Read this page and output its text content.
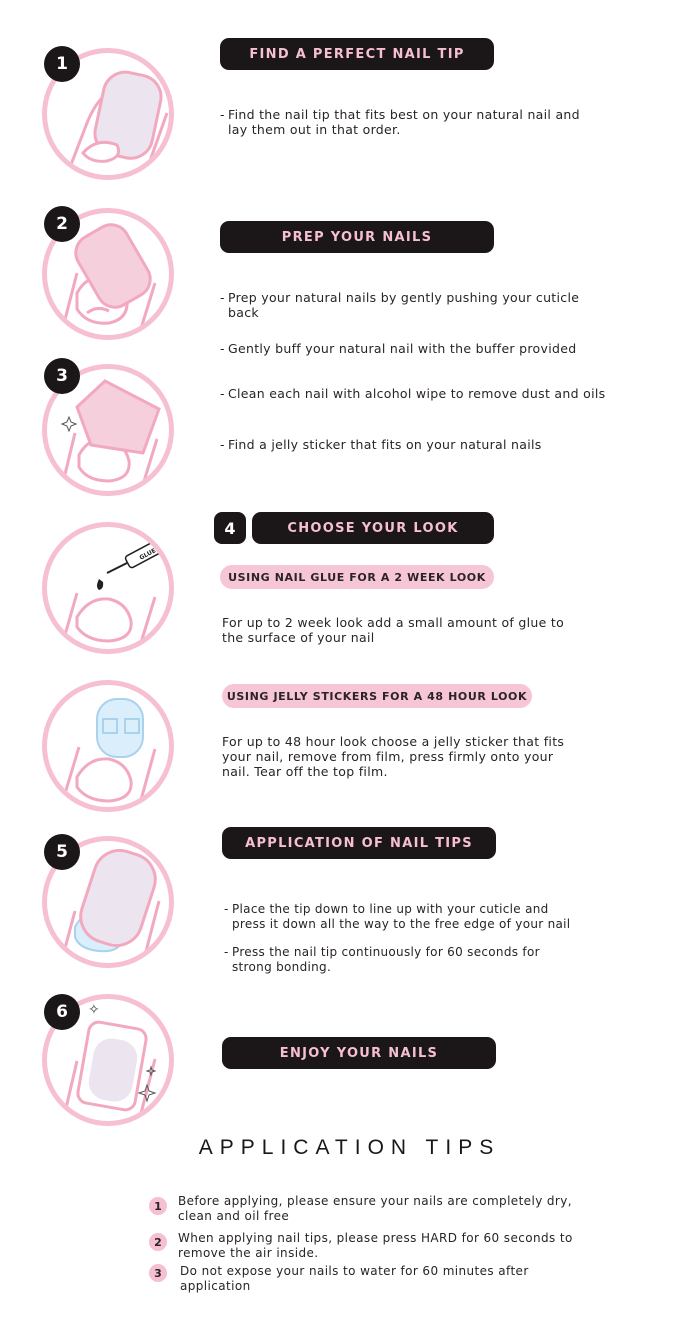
GLUE
✧
1
2
3
4
5
6
FIND A PERFECT NAIL TIP
- Find the nail tip that fits best on your natural nail and lay them out in that order.
PREP YOUR NAILS
- Prep your natural nails by gently pushing your cuticle back
- Gently buff your natural nail with the buffer provided
- Clean each nail with alcohol wipe to remove dust and oils
- Find a jelly sticker that fits on your natural nails
CHOOSE YOUR LOOK
USING NAIL GLUE FOR A 2 WEEK LOOK
For up to 2 week look add a small amount of glue to the surface of your nail
USING JELLY STICKERS FOR A 48 HOUR LOOK
For up to 48 hour look choose a jelly sticker that fits your nail, remove from film, press firmly onto your nail. Tear off the top film.
APPLICATION OF NAIL TIPS
- Place the tip down to line up with your cuticle and press it down all the way to the free edge of your nail
- Press the nail tip continuously for 60 seconds for strong bonding.
ENJOY YOUR NAILS
APPLICATION TIPS
1	Before applying, please ensure your nails are completely dry, clean and oil free
2	When applying nail tips, please press HARD for 60 seconds to remove the air inside.
3	Do not expose your nails to water for 60 minutes after application
